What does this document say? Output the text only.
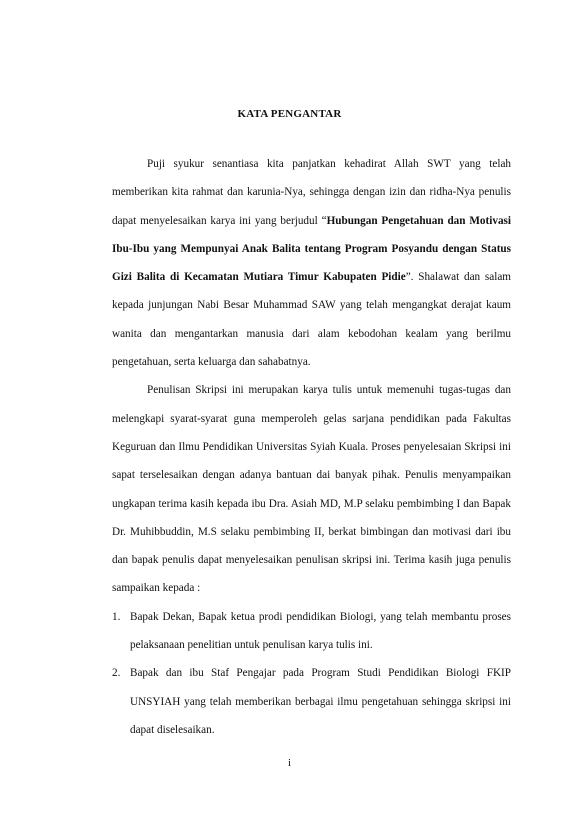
KATA PENGANTAR

Puji syukur senantiasa kita panjatkan kehadirat Allah SWT yang telah memberikan kita rahmat dan karunia-Nya, sehingga dengan izin dan ridha-Nya penulis dapat menyelesaikan karya ini yang berjudul “Hubungan Pengetahuan dan Motivasi Ibu-Ibu yang Mempunyai Anak Balita tentang Program Posyandu dengan Status Gizi Balita di Kecamatan Mutiara Timur Kabupaten Pidie”. Shalawat dan salam kepada junjungan Nabi Besar Muhammad SAW yang telah mengangkat derajat kaum wanita dan mengantarkan manusia dari alam kebodohan kealam yang berilmu pengetahuan, serta keluarga dan sahabatnya.

Penulisan Skripsi ini merupakan karya tulis untuk memenuhi tugas-tugas dan melengkapi syarat-syarat guna memperoleh gelas sarjana pendidikan pada Fakultas Keguruan dan Ilmu Pendidikan Universitas Syiah Kuala. Proses penyelesaian Skripsi ini sapat terselesaikan dengan adanya bantuan dai banyak pihak. Penulis menyampaikan ungkapan terima kasih kepada ibu Dra. Asiah MD, M.P selaku pembimbing I dan Bapak Dr. Muhibbuddin, M.S selaku pembimbing II, berkat bimbingan dan motivasi dari ibu dan bapak penulis dapat menyelesaikan penulisan skripsi ini. Terima kasih juga penulis sampaikan kepada :

1. Bapak Dekan, Bapak ketua prodi pendidikan Biologi, yang telah membantu proses pelaksanaan penelitian untuk penulisan karya tulis ini.
2. Bapak dan ibu Staf Pengajar pada Program Studi Pendidikan Biologi FKIP UNSYIAH yang telah memberikan berbagai ilmu pengetahuan sehingga skripsi ini dapat diselesaikan.
i
